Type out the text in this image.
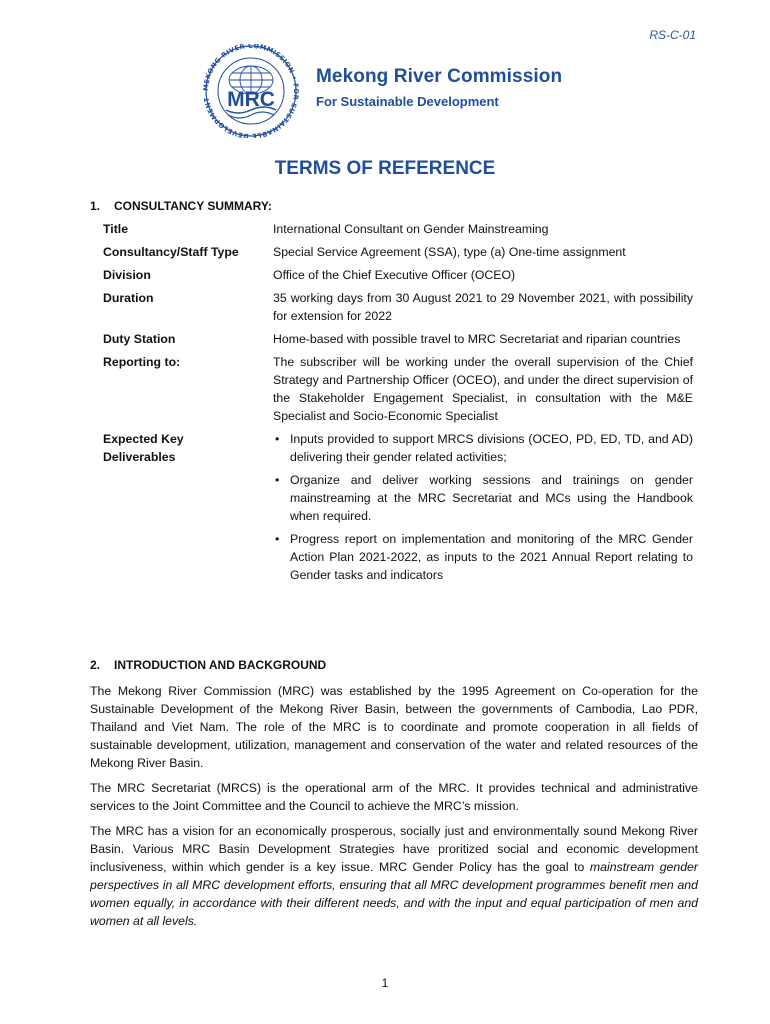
RS-C-01
MEKONG RIVER COMMISSION • FOR SUSTAINABLE DEVELOPMENT MRC
Mekong River Commission
For Sustainable Development
TERMS OF REFERENCE
1. CONSULTANCY SUMMARY:
Title	International Consultant on Gender Mainstreaming
Consultancy/Staff Type	Special Service Agreement (SSA), type (a) One-time assignment
Division	Office of the Chief Executive Officer (OCEO)
Duration	35 working days from 30 August 2021 to 29 November 2021, with possibility for extension for 2022
Duty Station	Home-based with possible travel to MRC Secretariat and riparian countries
Reporting to:	The subscriber will be working under the overall supervision of the Chief Strategy and Partnership Officer (OCEO), and under the direct supervision of the Stakeholder Engagement Specialist, in consultation with the M&E Specialist and Socio-Economic Specialist
Expected Key Deliverables
• Inputs provided to support MRCS divisions (OCEO, PD, ED, TD, and AD) delivering their gender related activities;
• Organize and deliver working sessions and trainings on gender mainstreaming at the MRC Secretariat and MCs using the Handbook when required.
• Progress report on implementation and monitoring of the MRC Gender Action Plan 2021-2022, as inputs to the 2021 Annual Report relating to Gender tasks and indicators
2. INTRODUCTION AND BACKGROUND

The Mekong River Commission (MRC) was established by the 1995 Agreement on Co-operation for the Sustainable Development of the Mekong River Basin, between the governments of Cambodia, Lao PDR, Thailand and Viet Nam. The role of the MRC is to coordinate and promote cooperation in all fields of sustainable development, utilization, management and conservation of the water and related resources of the Mekong River Basin.

The MRC Secretariat (MRCS) is the operational arm of the MRC. It provides technical and administrative services to the Joint Committee and the Council to achieve the MRC’s mission.

The MRC has a vision for an economically prosperous, socially just and environmentally sound Mekong River Basin. Various MRC Basin Development Strategies have proritized social and economic development inclusiveness, within which gender is a key issue. MRC Gender Policy has the goal to mainstream gender perspectives in all MRC development efforts, ensuring that all MRC development programmes benefit men and women equally, in accordance with their different needs, and with the input and equal participation of men and women at all levels.

1
